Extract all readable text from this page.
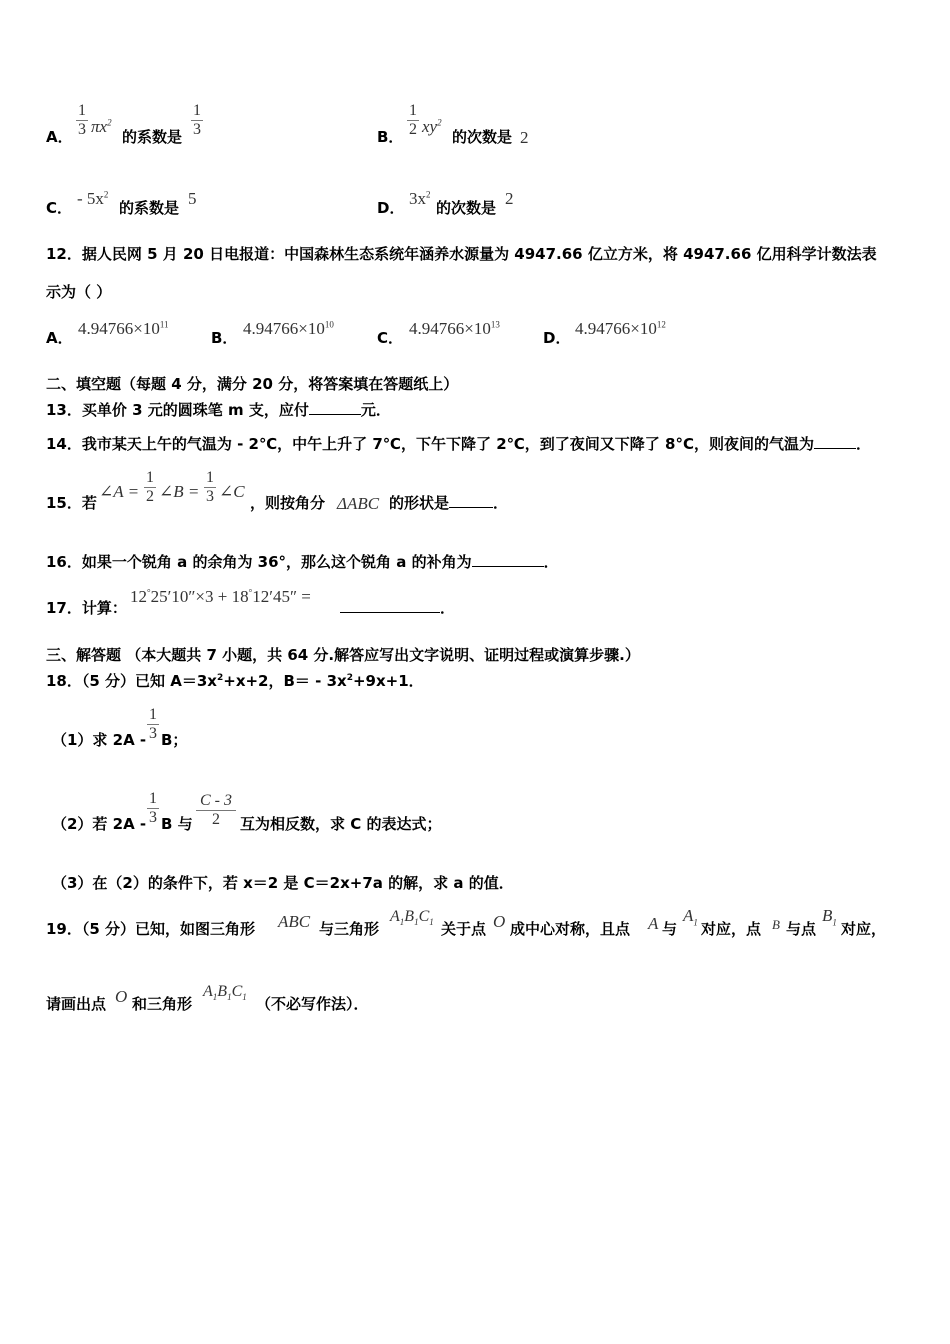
A．
1
3 $\pi x^2$
的系数是
1
3	B．
1
2 $xy^2$
的次数是 2
C． - $5x^2$
的系数是 5	D． $3x^2$
的次数是 2
12．据人民网 5 月 20 日电报道：中国森林生态系统年涵养水源量为 4947.66 亿立方米，将 4947.66 亿用科学计数法表
示为（ ）
A． $4.94766\times 10^{11}$
B． $4.94766\times 10^{10}$
C． $4.94766\times 10^{13}$
D． $4.94766\times 10^{12}$
二、填空题（每题 4 分，满分 20 分，将答案填在答题纸上）
13．买单价 3 元的圆珠笔 m 支，应付	元．
14．我市某天上午的气温为 - 2℃，中午上升了 7℃，下午下降了 2℃，到了夜间又下降了 8°C，则夜间的气温为	．
15．若
∠A =
1
2 ∠B =
1
3 ∠C
，则按角分 ΔABC 的形状是	．
16．如果一个锐角 a 的余角为 36°，那么这个锐角 a 的补角为	．
17．计算：
12°25′10″×3 + 18°12′45″ =
．
三、解答题 （本大题共 7 小题，共 64 分.解答应写出文字说明、证明过程或演算步骤.）
18．（5 分）已知 $A=3x^2+x+2$，$B= - 3x^2+9x+1$．
（1）求 2A -
1
3 B；
（2）若 2A -
1
3 B 与
C - 3
2	互为相反数，求 C 的表达式；
（3）在（2）的条件下，若 x＝2 是 C＝2x+7a 的解，求 a 的值．
19．（5 分）已知，如图三角形 ABC 与三角形
$A_1B_1C_1$ 关于点 O 成中心对称，且点 A 与
$A_1$ 对应，点 B 与点
$B_1$ 对应，
请画出点 O 和三角形
$A_1B_1C_1$ （不必写作法）．
